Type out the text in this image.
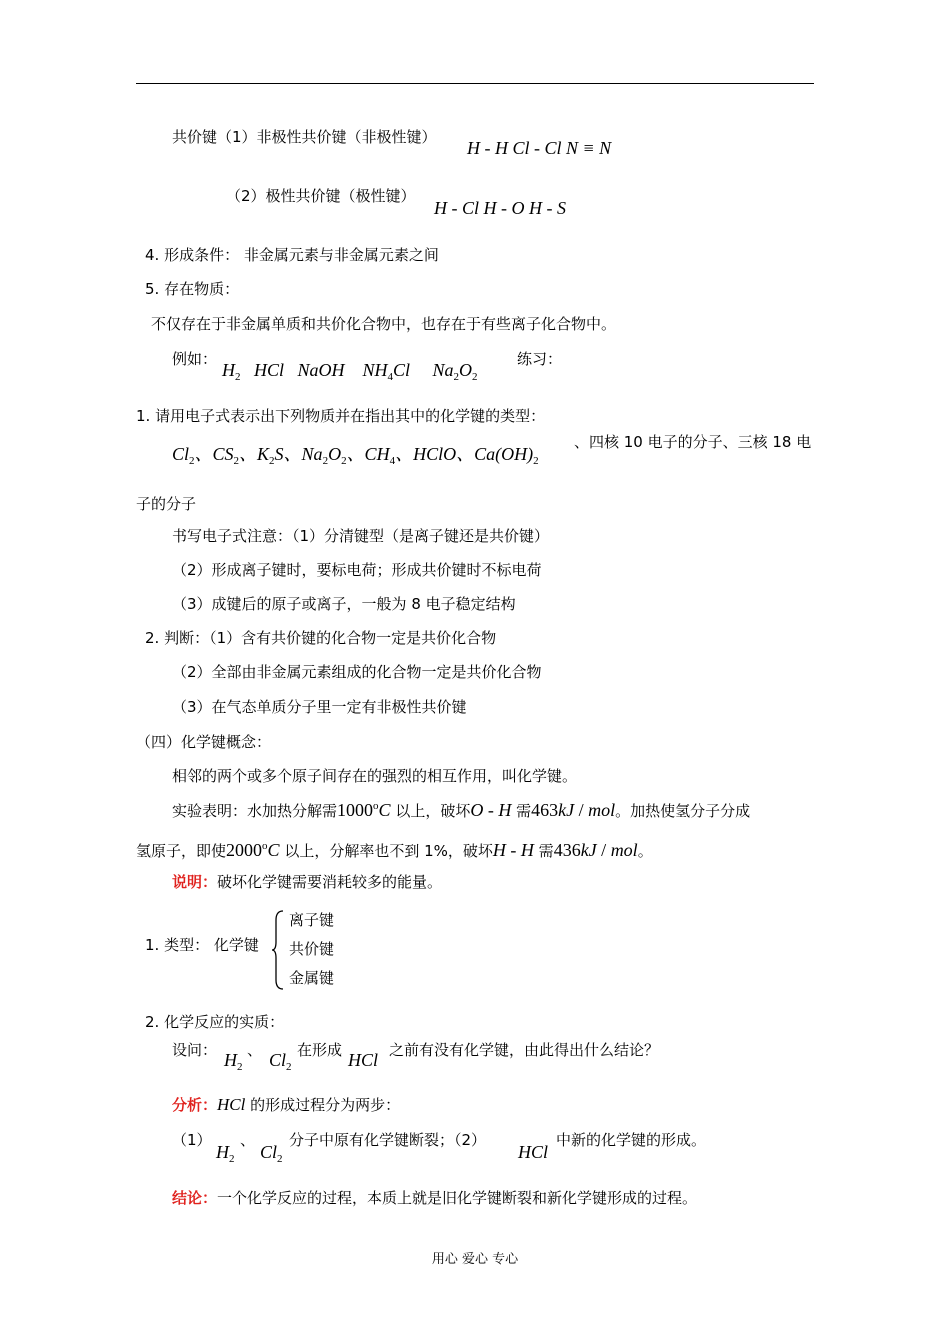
共价键（1）非极性共价键（非极性键）
H - H Cl - Cl N ≡ N
（2）极性共价键（极性键）
H - Cl H - O H - S
4. 形成条件： 非金属元素与非金属元素之间
5. 存在物质：
不仅存在于非金属单质和共价化合物中，也存在于有些离子化合物中。
例如：
$H_2$   HCl   NaOH    $NH_4Cl$     $Na_2O_2$
练习：
1. 请用电子式表示出下列物质并在指出其中的化学键的类型：
$Cl_2$、$CS_2$、$K_2S$、$Na_2O_2$、$CH_4$、HClO、$Ca(OH)_2$
、四核 10 电子的分子、三核 18 电
子的分子
书写电子式注意：（1）分清键型（是离子键还是共价键）
（2）形成离子键时，要标电荷；形成共价键时不标电荷
（3）成键后的原子或离子，一般为 8 电子稳定结构
2. 判断：（1）含有共价键的化合物一定是共价化合物
（2）全部由非金属元素组成的化合物一定是共价化合物
（3）在气态单质分子里一定有非极性共价键
（四）化学键概念：
相邻的两个或多个原子间存在的强烈的相互作用，叫化学键。
实验表明：水加热分解需1000$^o$C 以上，破坏O - H 需463kJ / mol。加热使氢分子分成
氢原子，即使2000$^o$C 以上，分解率也不到 1%，破坏H - H 需436kJ / mol。
说明：破坏化学键需要消耗较多的能量。
1. 类型： 化学键
离子键
共价键
金属键
2. 化学反应的实质：
设问： $H_2$
、 $Cl_2$
在形成 HCl 之前有没有化学键，由此得出什么结论？
分析：HCl 的形成过程分为两步：
（1）
$H_2$
、
$Cl_2$
分子中原有化学键断裂；（2）
HCl
中新的化学键的形成。
结论：一个化学反应的过程，本质上就是旧化学键断裂和新化学键形成的过程。
用心 爱心 专心
